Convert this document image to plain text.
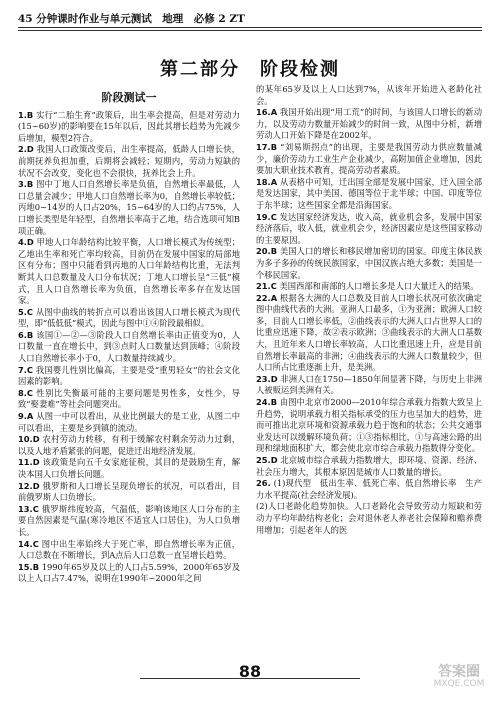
45 分钟课时作业与单元测试　地理　必修 2 ZT
第二部分　阶段检测
阶段测试一

1.B 实行“二胎生育”政策后，出生率会提高，但是对劳动力(15~60岁)的影响要在15年以后，因此其增长趋势为先减少后增加，模型2符合。

2.D 我国人口政策改变后，出生率提高，低龄人口增长快，前期抚养负担加重，后期将会减轻；短期内，劳动力短缺的状况不会改变，变化也不会很快，抚养比会上升。

3.B 图中丁地人口自然增长率是负值，自然增长率最低，人口总量会减少；甲地人口自然增长率为0，自然增长率较低；丙地0~14岁的人口占20%，15~64岁的人口约占75%，人口增长类型是年轻型，自然增长率高于乙地，结合选项可知B项正确。

4.D 甲地人口年龄结构比较平衡，人口增长模式为传统型；乙地出生率和死亡率均较高，目前仍在发展中国家的局部地区有分布；图中只能看到丙地的人口年龄结构比重，无法判断其人口总数量及人口分布状况；丁地人口增长呈“三低”模式，且人口自然增长率为负值，自然增长率多存在发达国家。

5.C 从图中曲线的转折点可以看出该国人口增长模式为现代型，即“低低低”模式，因此与图中①④阶段最相似。

6.B 该国①—②—③阶段人口自然增长率由正值变为0，人口数量一直在增长中，到③点时人口数量达到顶峰；④阶段人口自然增长率小于0，人口数量持续减少。

7.C 我国婴儿性别比偏高，主要是受“重男轻女”的社会文化因素的影响。

8.C 性别比失衡最可能的主要问题是男性多，女性少，导致“娶妻难”等社会问题突出。

9.A 从图一中可以看出，从业比例最大的是工业，从图二中可以看出，主要是乡到镇的流动。

10.D 农村劳动力转移，有利于缓解农村剩余劳动力过剩，以及人地矛盾紧张的问题，促进迁出地经济发展。

11.D 该政策是向五千女家庭征税，其目的是鼓励生育，解决本国人口负增长问题。

12.D 俄罗斯和人口增长呈现负增长的状况，可以看出，目前俄罗斯人口负增长。

13.C 俄罗斯纬度较高，气温低，影响该地区人口分布的主要自然因素是气温(寒冷地区不适宜人口居住)，为人口负增长。

14.C 图中出生率始终大于死亡率，即自然增长率为正值，人口总数在不断增长，到A点后人口总数一直呈增长趋势。

15.B 1990年65岁及以上的人口占5.59%，2000年65岁及以上人口占7.47%，说明在1990年~2000年之间

的某年65岁及以上人口达到7%，从该年开始进入老龄化社会。

16.A 我国开始出现“用工荒”的时间，与该国人口增长的新动力，以及劳动力数量开始减少的时间一致，从图中分析，新增劳动人口开始下降是在2002年。

17.B “刘易斯拐点”的出现，主要是我国劳动力供应数量减少，廉价劳动力工业生产企业减少，高附加值企业增加，因此要加大职业技术教育，提高劳动者素质。

18.A 从表格中可知，迁出国全部是发展中国家，迁入国全部是发达国家，其中美国、德国等位于北半球；中国、印度等位于东半球；这些国家全都是沿海国家。

19.C 发达国家经济发达，收入高，就业机会多，发展中国家经济落后，收入低，就业机会少，经济因素应是这些国家移动的主要原因。

20.B 美国人口的增长和移民增加密切的国家。印度主体民族为多子多孙的传统民族国家，中国汉族占绝大多数；美国是一个移民国家。

21.C 美国西部和南部的人口增长多是人口大量迁入的结果。

22.A 根据各大洲的人口总数及目前人口增长状况可依次确定图中曲线代表的大洲。亚洲人口最多，①为亚洲；欧洲人口较多，目前人口增长率低，②曲线表示的大洲人口占世界人口的比重应迅速下降，故②表示欧洲；③曲线表示的大洲人口基数大，且近年来人口增长率较高，人口比重迅速上升，应是目前自然增长率最高的非洲；④曲线表示的大洲人口数量较少，但人口所占比重逐渐上升，是美洲。

23.D 非洲人口在1750—1850年间显著下降，与历史上非洲人被贩运到美洲有关。

24.B 由图中北京市2000—2010年综合承载力指数大致呈上升趋势，说明承载力相关指标承受的压力也呈加大的趋势，进而可推出北京环境和资源承载力趋于饱和的状态；公共交通事业发达可以缓解环境负荷；①③指标相比，①与高速公路的出现和绿地面积扩大，都会使北京市综合承载力指数得分变化。

25.D 北京城市综合承载力指数增大，即环境、资源、经济、社会压力增大，其根本原因是城市人口数量的增长。

26. (1)现代型　低出生率、低死亡率、低自然增长率　生产力水平提高(社会经济发展)。

(2)人口老龄化趋势加快。人口老龄化会导致劳动力短缺和劳动力平均年龄结构老化；会对退休老人养老社会保障和赡养费用增加；引起老年人的医

88	答案圈
MXQE.COM
